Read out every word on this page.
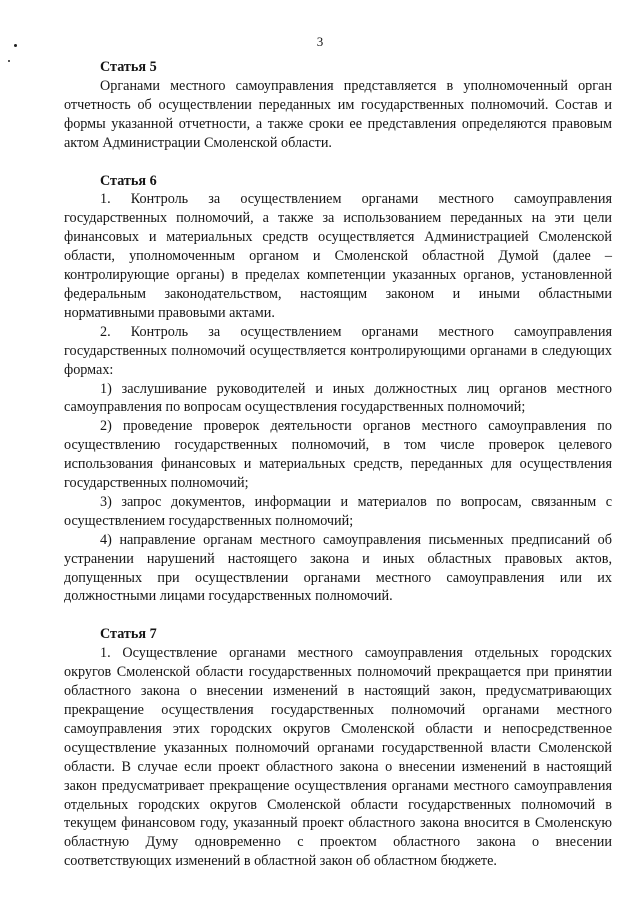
3

Статья 5

Органами местного самоуправления представляется в уполномоченный орган отчетность об осуществлении переданных им государственных полномочий. Состав и формы указанной отчетности, а также сроки ее представления определяются правовым актом Администрации Смоленской области.

Статья 6

1. Контроль за осуществлением органами местного самоуправления государственных полномочий, а также за использованием переданных на эти цели финансовых и материальных средств осуществляется Администрацией Смоленской области, уполномоченным органом и Смоленской областной Думой (далее – контролирующие органы) в пределах компетенции указанных органов, установленной федеральным законодательством, настоящим законом и иными областными нормативными правовыми актами.

2. Контроль за осуществлением органами местного самоуправления государственных полномочий осуществляется контролирующими органами в следующих формах:

1) заслушивание руководителей и иных должностных лиц органов местного самоуправления по вопросам осуществления государственных полномочий;

2) проведение проверок деятельности органов местного самоуправления по осуществлению государственных полномочий, в том числе проверок целевого использования финансовых и материальных средств, переданных для осуществления государственных полномочий;

3) запрос документов, информации и материалов по вопросам, связанным с осуществлением государственных полномочий;

4) направление органам местного самоуправления письменных предписаний об устранении нарушений настоящего закона и иных областных правовых актов, допущенных при осуществлении органами местного самоуправления или их должностными лицами государственных полномочий.

Статья 7

1. Осуществление органами местного самоуправления отдельных городских округов Смоленской области государственных полномочий прекращается при принятии областного закона о внесении изменений в настоящий закон, предусматривающих прекращение осуществления государственных полномочий органами местного самоуправления этих городских округов Смоленской области и непосредственное осуществление указанных полномочий органами государственной власти Смоленской области. В случае если проект областного закона о внесении изменений в настоящий закон предусматривает прекращение осуществления органами местного самоуправления отдельных городских округов Смоленской области государственных полномочий в текущем финансовом году, указанный проект областного закона вносится в Смоленскую областную Думу одновременно с проектом областного закона о внесении соответствующих изменений в областной закон об областном бюджете.
